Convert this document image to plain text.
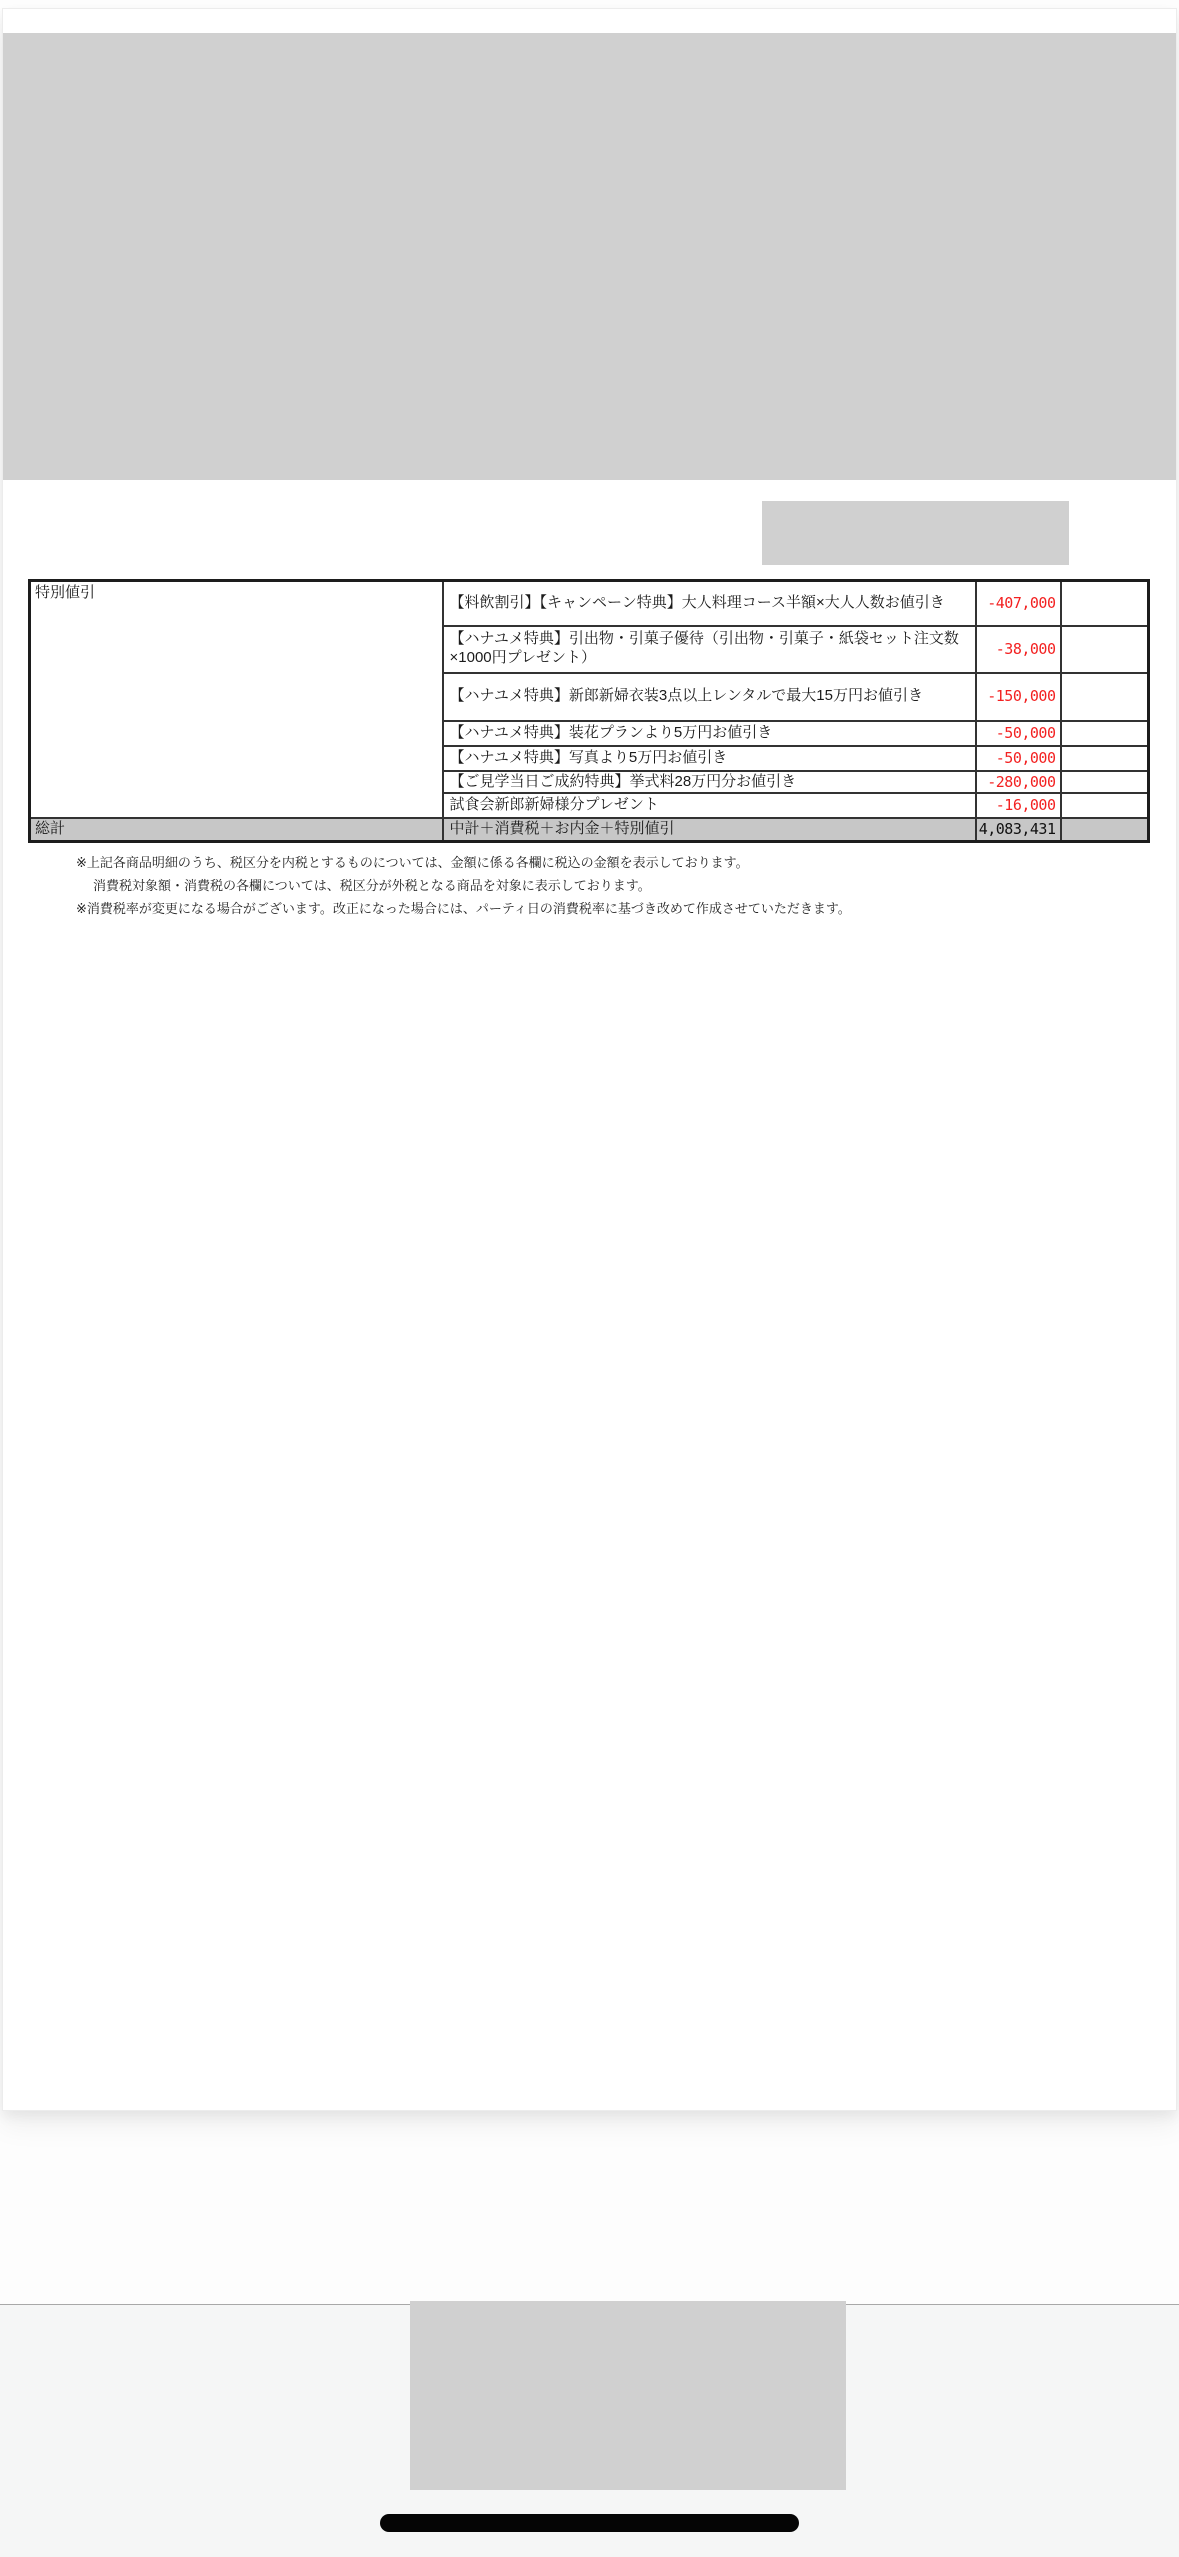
特別値引	【料飲割引】【キャンペーン特典】大人料理コース半額×大人人数お値引き	-407,000	
	【ハナユメ特典】引出物・引菓子優待（引出物・引菓子・紙袋セット注文数×1000円プレゼント）	-38,000	
	【ハナユメ特典】新郎新婦衣装3点以上レンタルで最大15万円お値引き	-150,000	
	【ハナユメ特典】装花プランより5万円お値引き	-50,000	
	【ハナユメ特典】写真より5万円お値引き	-50,000	
	【ご見学当日ご成約特典】挙式料28万円分お値引き	-280,000	
	試食会新郎新婦様分プレゼント	-16,000	
総計	中計＋消費税＋お内金＋特別値引	4,083,431	
※上記各商品明細のうち、税区分を内税とするものについては、金額に係る各欄に税込の金額を表示しております。
消費税対象額・消費税の各欄については、税区分が外税となる商品を対象に表示しております。
※消費税率が変更になる場合がございます。改正になった場合には、パーティ日の消費税率に基づき改めて作成させていただきます。
